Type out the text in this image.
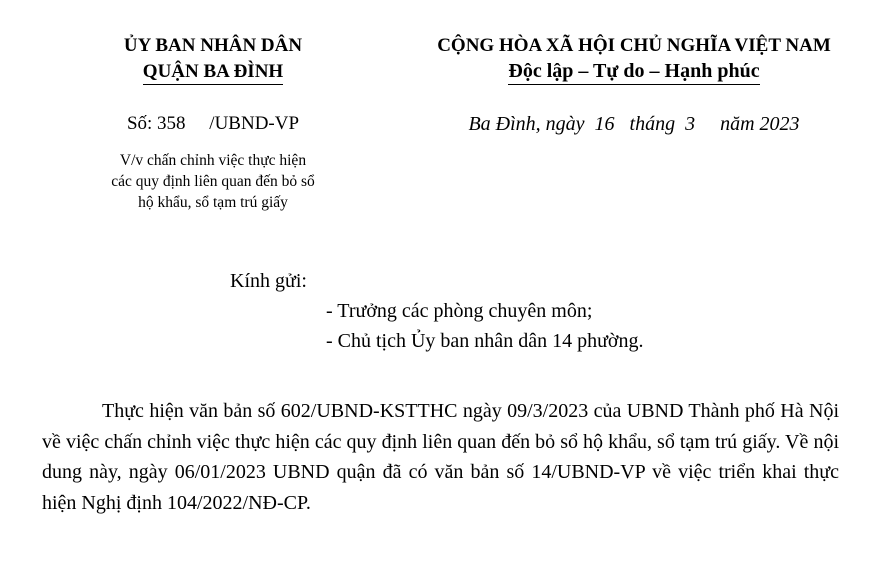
ỦY BAN NHÂN DÂN
QUẬN BA ĐÌNH
CỘNG HÒA XÃ HỘI CHỦ NGHĨA VIỆT NAM
Độc lập – Tự do – Hạnh phúc
Số: 358     /UBND-VP	Ba Đình, ngày  16   tháng  3     năm 2023
V/v chấn chỉnh việc thực hiện
các quy định liên quan đến bỏ sổ
hộ khẩu, sổ tạm trú giấy
Kính gửi:
- Trưởng các phòng chuyên môn;
- Chủ tịch Ủy ban nhân dân 14 phường.
Thực hiện văn bản số 602/UBND-KSTTHC ngày 09/3/2023 của UBND Thành phố Hà Nội về việc chấn chỉnh việc thực hiện các quy định liên quan đến bỏ sổ hộ khẩu, sổ tạm trú giấy. Về nội dung này, ngày 06/01/2023 UBND quận đã có văn bản số 14/UBND-VP về việc triển khai thực hiện Nghị định 104/2022/NĐ-CP.
